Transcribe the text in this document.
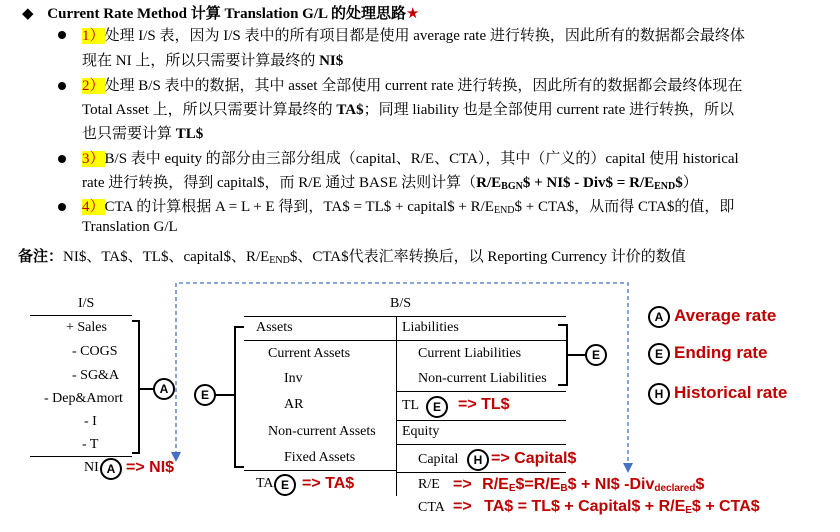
◆ Current Rate Method 计算 Translation G/L 的处理思路★
1）处理 I/S 表，因为 I/S 表中的所有项目都是使用 average rate 进行转换，因此所有的数据都会最终体
现在 NI 上，所以只需要计算最终的 NI$
2）处理 B/S 表中的数据，其中 asset 全部使用 current rate 进行转换，因此所有的数据都会最终体现在
Total Asset 上，所以只需要计算最终的 TA$；同理 liability 也是全部使用 current rate 进行转换，所以
也只需要计算 TL$
3）B/S 表中 equity 的部分由三部分组成（capital、R/E、CTA），其中（广义的）capital 使用 historical
rate 进行转换，得到 capital$，而 R/E 通过 BASE 法则计算（$R/E_{BGN}\$$ + NI$ - Div$ = $R/E_{END}\$$）
4）CTA 的计算根据 A = L + E 得到，TA$ = TL$ + capital$ + $R/E_{END}\$$ + CTA$，从而得 CTA$的值，即
Translation G/L
备注：NI$、TA$、TL$、capital$、$R/E_{END}\$$、CTA$代表汇率转换后，以 Reporting Currency 计价的数值
I/S
+ Sales
- COGS
- SG&A
- Dep&Amort
- I
- T
A
NI A => NI$
B/S
Assets
Current Assets
Inv
AR
Non-current Assets
Fixed Assets
E
TA E => TA$
Liabilities
Current Liabilities
Non-current Liabilities
E
TL	E	=> TL$
Equity
Capital	H => Capital$
$R/E => R/E_E\$=R/E_B\$$ + NI$ -Div$_{declared}$\$
CTA => TA$ = TL$ + Capital$ + $R/E_E\$$ + CTA$
A Average rate
E Ending rate
H Historical rate
